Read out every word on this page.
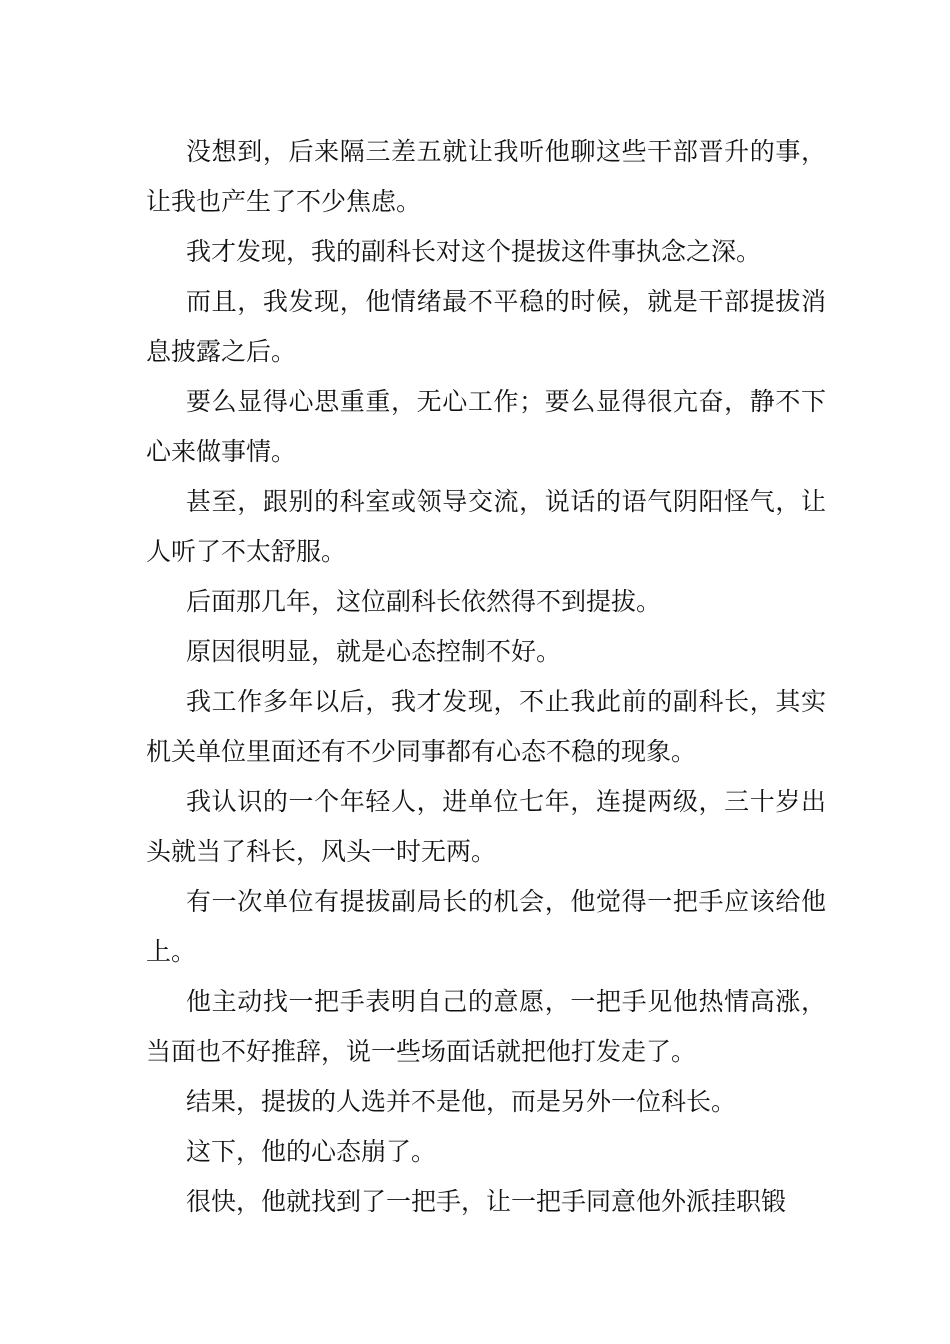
没想到，后来隔三差五就让我听他聊这些干部晋升的事，让我也产生了不少焦虑。

我才发现，我的副科长对这个提拔这件事执念之深。

而且，我发现，他情绪最不平稳的时候，就是干部提拔消息披露之后。

要么显得心思重重，无心工作；要么显得很亢奋，静不下心来做事情。

甚至，跟别的科室或领导交流，说话的语气阴阳怪气，让人听了不太舒服。

后面那几年，这位副科长依然得不到提拔。

原因很明显，就是心态控制不好。

我工作多年以后，我才发现，不止我此前的副科长，其实机关单位里面还有不少同事都有心态不稳的现象。

我认识的一个年轻人，进单位七年，连提两级，三十岁出头就当了科长，风头一时无两。

有一次单位有提拔副局长的机会，他觉得一把手应该给他上。

他主动找一把手表明自己的意愿，一把手见他热情高涨，当面也不好推辞，说一些场面话就把他打发走了。

结果，提拔的人选并不是他，而是另外一位科长。

这下，他的心态崩了。

很快，他就找到了一把手，让一把手同意他外派挂职锻
